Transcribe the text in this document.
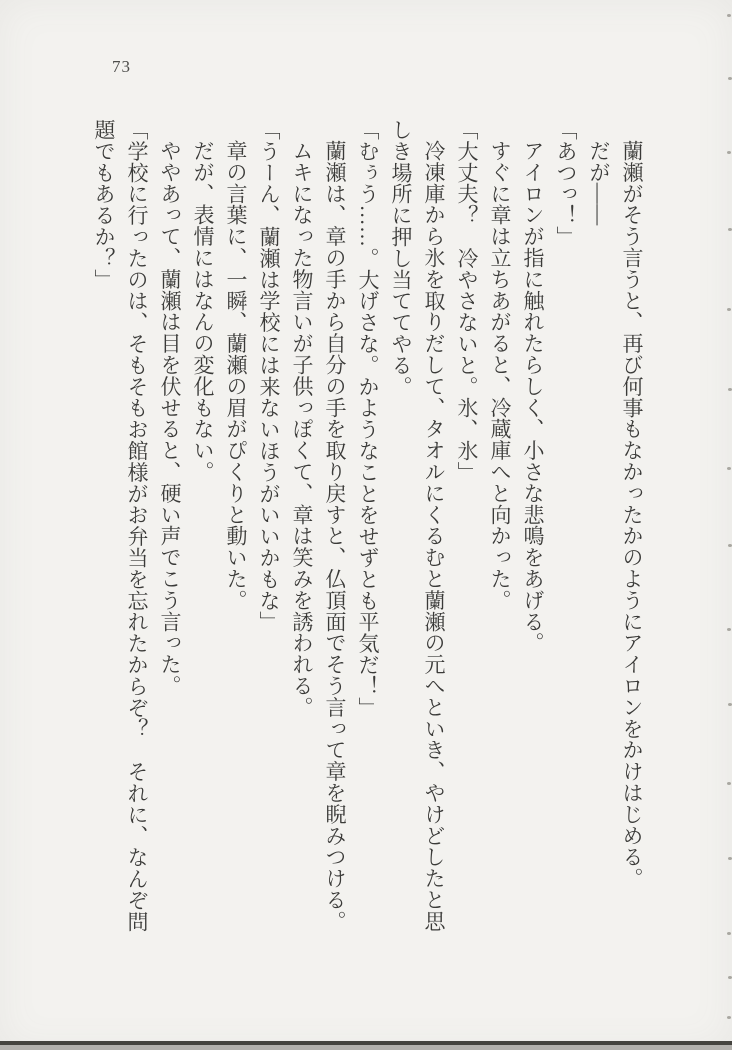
73

蘭瀬がそう言うと、再び何事もなかったかのようにアイロンをかけはじめる。

だが――

「あつっ！」

アイロンが指に触れたらしく、小さな悲鳴をあげる。

すぐに章は立ちあがると、冷蔵庫へと向かった。

「大丈夫？　冷やさないと。氷、氷」

冷凍庫から氷を取りだして、タオルにくるむと蘭瀬の元へといき、やけどしたと思

しき場所に押し当ててやる。

「むぅう……。大げさな。かようなことをせずとも平気だ！」

蘭瀬は、章の手から自分の手を取り戻すと、仏頂面でそう言って章を睨みつける。

ムキになった物言いが子供っぽくて、章は笑みを誘われる。

「うーん、蘭瀬は学校には来ないほうがいいかもな」

章の言葉に、一瞬、蘭瀬の眉がぴくりと動いた。

だが、表情にはなんの変化もない。

ややあって、蘭瀬は目を伏せると、硬い声でこう言った。

「学校に行ったのは、そもそもお館様がお弁当を忘れたからぞ？　それに、なんぞ問

題でもあるか？」
